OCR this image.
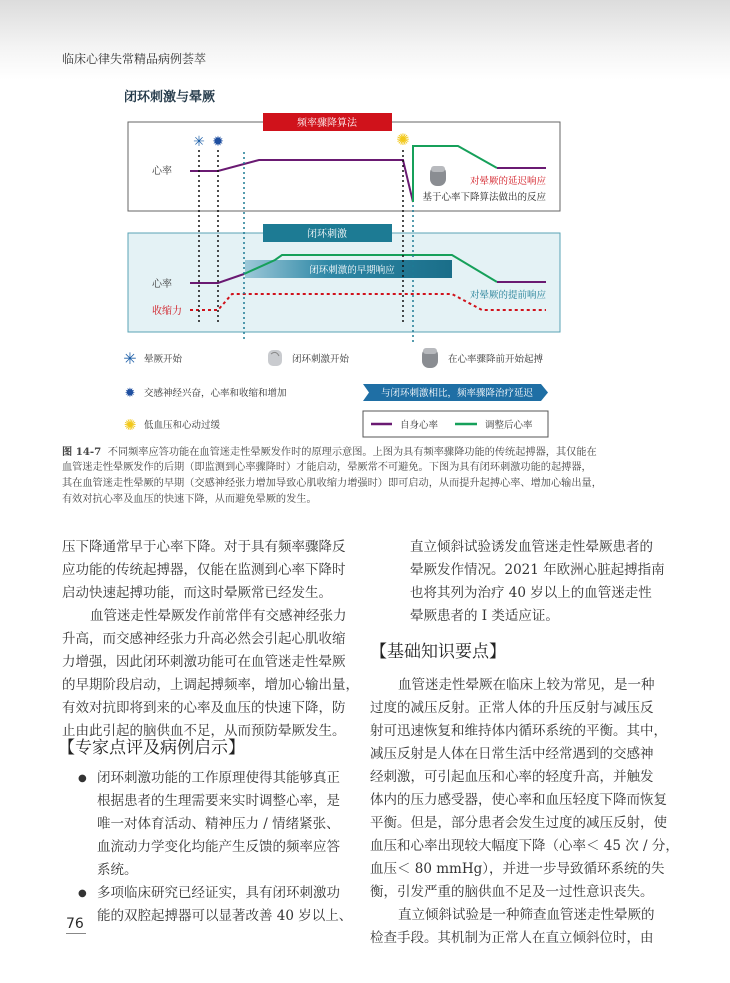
临床心律失常精品病例荟萃
闭环刺激与晕厥
频率骤降算法
心率
对晕厥的延迟响应
基于心率下降算法做出的反应
闭环刺激
闭环刺激的早期响应
心率
收缩力
对晕厥的提前响应
✳ ✹	✺
✳ 晕厥开始	闭环刺激开始	在心率骤降前开始起搏
✹ 交感神经兴奋，心率和收缩和增加	与闭环刺激相比，频率骤降治疗延迟
✺ 低血压和心动过缓	自身心率	调整后心率
图 14-7 不同频率应答功能在血管迷走性晕厥发作时的原理示意图。上图为具有频率骤降功能的传统起搏器，其仅能在
血管迷走性晕厥发作的后期（即监测到心率骤降时）才能启动，晕厥常不可避免。下图为具有闭环刺激功能的起搏器，
其在血管迷走性晕厥的早期（交感神经张力增加导致心肌收缩力增强时）即可启动，从而提升起搏心率、增加心输出量，
有效对抗心率及血压的快速下降，从而避免晕厥的发生。
压下降通常早于心率下降。对于具有频率骤降反
应功能的传统起搏器，仅能在监测到心率下降时
启动快速起搏功能，而这时晕厥常已经发生。
血管迷走性晕厥发作前常伴有交感神经张力
升高，而交感神经张力升高必然会引起心肌收缩
力增强，因此闭环刺激功能可在血管迷走性晕厥
的早期阶段启动，上调起搏频率，增加心输出量，
有效对抗即将到来的心率及血压的快速下降，防
止由此引起的脑供血不足，从而预防晕厥发生。
【专家点评及病例启示】
● 闭环刺激功能的工作原理使得其能够真正
根据患者的生理需要来实时调整心率，是
唯一对体育活动、精神压力 / 情绪紧张、
血流动力学变化均能产生反馈的频率应答
系统。
● 多项临床研究已经证实，具有闭环刺激功
能的双腔起搏器可以显著改善 40 岁以上、
直立倾斜试验诱发血管迷走性晕厥患者的
晕厥发作情况。2021 年欧洲心脏起搏指南
也将其列为治疗 40 岁以上的血管迷走性
晕厥患者的 I 类适应证。
【基础知识要点】
血管迷走性晕厥在临床上较为常见，是一种
过度的减压反射。正常人体的升压反射与减压反
射可迅速恢复和维持体内循环系统的平衡。其中，
减压反射是人体在日常生活中经常遇到的交感神
经刺激，可引起血压和心率的轻度升高，并触发
体内的压力感受器，使心率和血压轻度下降而恢复
平衡。但是，部分患者会发生过度的减压反射，使
血压和心率出现较大幅度下降（心率＜ 45 次 / 分，
血压＜ 80 mmHg），并进一步导致循环系统的失
衡，引发严重的脑供血不足及一过性意识丧失。
直立倾斜试验是一种筛查血管迷走性晕厥的
检查手段。其机制为正常人在直立倾斜位时，由
76
